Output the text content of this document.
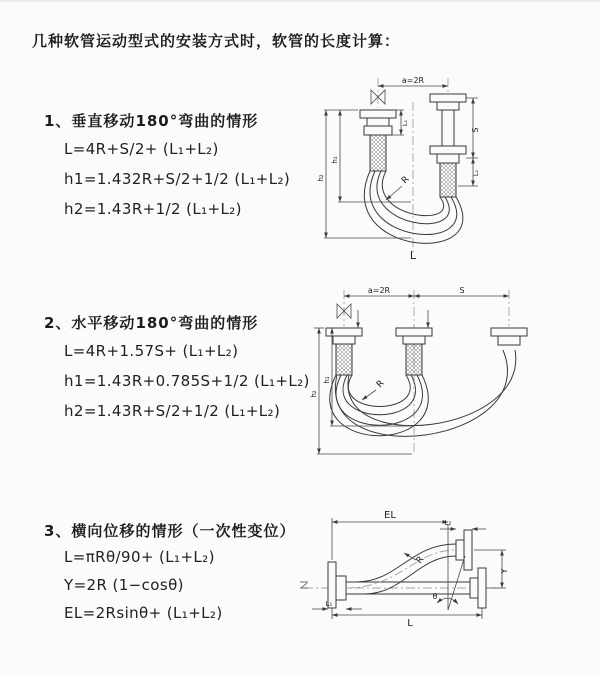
几种软管运动型式的安装方式时，软管的长度计算：
1、垂直移动180°弯曲的情形
L=4R+S/2+ (L₁+L₂)
h1=1.432R+S/2+1/2 (L₁+L₂)
h2=1.43R+1/2 (L₁+L₂)
2、水平移动180°弯曲的情形
L=4R+1.57S+ (L₁+L₂)
h1=1.43R+0.785S+1/2 (L₁+L₂)
h2=1.43R+S/2+1/2 (L₁+L₂)
3、横向位移的情形（一次性变位）
L=πRθ/90+ (L₁+L₂)
Y=2R (1−cosθ)
EL=2Rsinθ+ (L₁+L₂)
a=2R
R
h₁
h₂
L₁
S
L₂
L
a=2R	S
R
h₁
h₂
EL
L₂
Y
R
θ
L₁
L
